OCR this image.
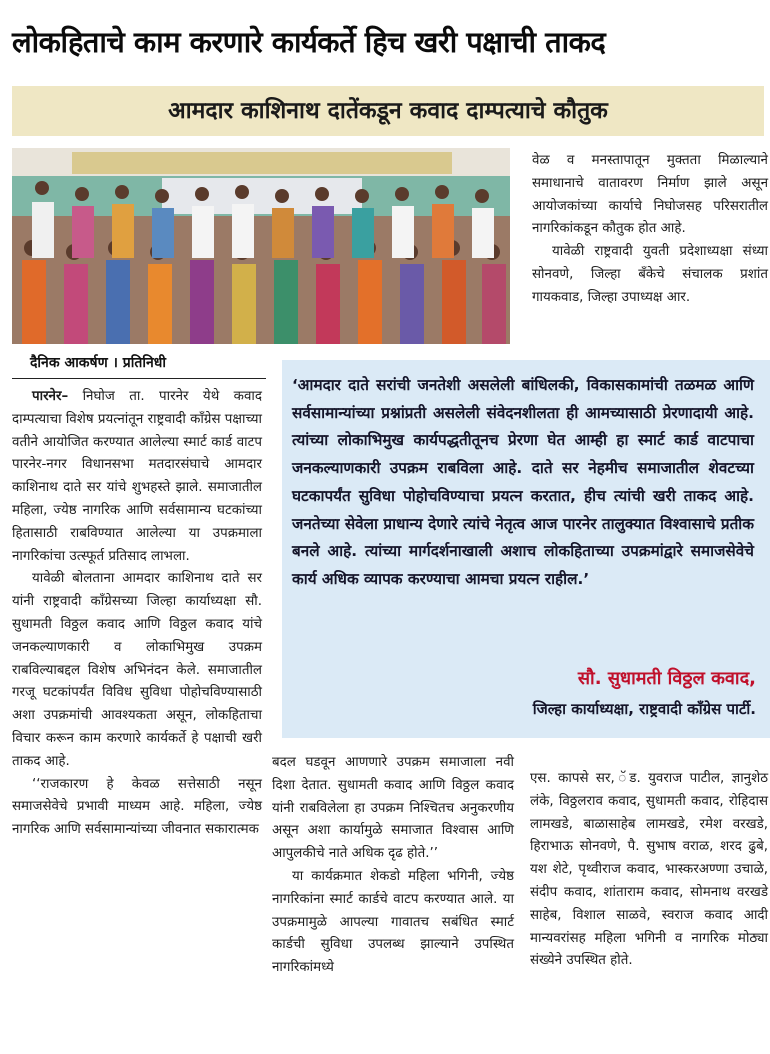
लोकहिताचे काम करणारे कार्यकर्ते हिच खरी पक्षाची ताकद
आमदार काशिनाथ दातेंकडून कवाद दाम्पत्याचे कौतुक

वेळ व मनस्तापातून मुक्तता मिळाल्याने समाधानाचे वातावरण निर्माण झाले असून आयोजकांच्या कार्याचे निघोजसह परिसरातील नागरिकांकडून कौतुक होत आहे.

यावेळी राष्ट्रवादी युवती प्रदेशाध्यक्षा संध्या सोनवणे, जिल्हा बँकेचे संचालक प्रशांत गायकवाड, जिल्हा उपाध्यक्ष आर.

दैनिक आकर्षण । प्रतिनिधी

पारनेर– निघोज ता. पारनेर येथे कवाद दाम्पत्याचा विशेष प्रयत्नांतून राष्ट्रवादी काँग्रेस पक्षाच्या वतीने आयोजित करण्यात आलेल्या स्मार्ट कार्ड वाटप पारनेर-नगर विधानसभा मतदारसंघाचे आमदार काशिनाथ दाते सर यांचे शुभहस्ते झाले. समाजातील महिला, ज्येष्ठ नागरिक आणि सर्वसामान्य घटकांच्या हितासाठी राबविण्यात आलेल्या या उपक्रमाला नागरिकांचा उत्स्फूर्त प्रतिसाद लाभला.

यावेळी बोलताना आमदार काशिनाथ दाते सर यांनी राष्ट्रवादी काँग्रेसच्या जिल्हा कार्याध्यक्षा सौ. सुधामती विठ्ठल कवाद आणि विठ्ठल कवाद यांचे जनकल्याणकारी व लोकाभिमुख उपक्रम राबविल्याबद्दल विशेष अभिनंदन केले. समाजातील गरजू घटकांपर्यंत विविध सुविधा पोहोचविण्यासाठी अशा उपक्रमांची आवश्यकता असून, लोकहिताचा विचार करून काम करणारे कार्यकर्ते हे पक्षाची खरी ताकद आहे.

‘‘राजकारण हे केवळ सत्तेसाठी नसून समाजसेवेचे प्रभावी माध्यम आहे. महिला, ज्येष्ठ नागरिक आणि सर्वसामान्यांच्या जीवनात सकारात्मक

‘आमदार दाते सरांची जनतेशी असलेली बांधिलकी, विकासकामांची तळमळ आणि सर्वसामान्यांच्या प्रश्नांप्रती असलेली संवेदनशीलता ही आमच्यासाठी प्रेरणादायी आहे. त्यांच्या लोकाभिमुख कार्यपद्धतीतूनच प्रेरणा घेत आम्ही हा स्मार्ट कार्ड वाटपाचा जनकल्याणकारी उपक्रम राबविला आहे. दाते सर नेहमीच समाजातील शेवटच्या घटकापर्यंत सुविधा पोहोचविण्याचा प्रयत्न करतात, हीच त्यांची खरी ताकद आहे. जनतेच्या सेवेला प्राधान्य देणारे त्यांचे नेतृत्व आज पारनेर तालुक्यात विश्वासाचे प्रतीक बनले आहे. त्यांच्या मार्गदर्शनाखाली अशाच लोकहिताच्या उपक्रमांद्वारे समाजसेवेचे कार्य अधिक व्यापक करण्याचा आमचा प्रयत्न राहील.’
सौ. सुधामती विठ्ठल कवाद,
जिल्हा कार्याध्यक्षा, राष्ट्रवादी काँग्रेस पार्टी.

बदल घडवून आणणारे उपक्रम समाजाला नवी दिशा देतात. सुधामती कवाद आणि विठ्ठल कवाद यांनी राबविलेला हा उपक्रम निश्चितच अनुकरणीय असून अशा कार्यामुळे समाजात विश्वास आणि आपुलकीचे नाते अधिक दृढ होते.’’

या कार्यक्रमात शेकडो महिला भगिनी, ज्येष्ठ नागरिकांना स्मार्ट कार्डचे वाटप करण्यात आले. या उपक्रमामुळे आपल्या गावातच सबंधित स्मार्ट कार्डची सुविधा उपलब्ध झाल्याने उपस्थित नागरिकांमध्ये

एस. कापसे सर, ॅड. युवराज पाटील, ज्ञानुशेठ लंके, विठ्ठलराव कवाद, सुधामती कवाद, रोहिदास लामखडे, बाळासाहेब लामखडे, रमेश वरखडे, हिराभाऊ सोनवणे, पै. सुभाष वराळ, शरद ढुबे, यश शेटे, पृथ्वीराज कवाद, भास्करअण्णा उचाळे, संदीप कवाद, शांताराम कवाद, सोमनाथ वरखडे साहेब, विशाल साळवे, स्वराज कवाद आदी मान्यवरांसह महिला भगिनी व नागरिक मोठ्या संख्येने उपस्थित होते.
